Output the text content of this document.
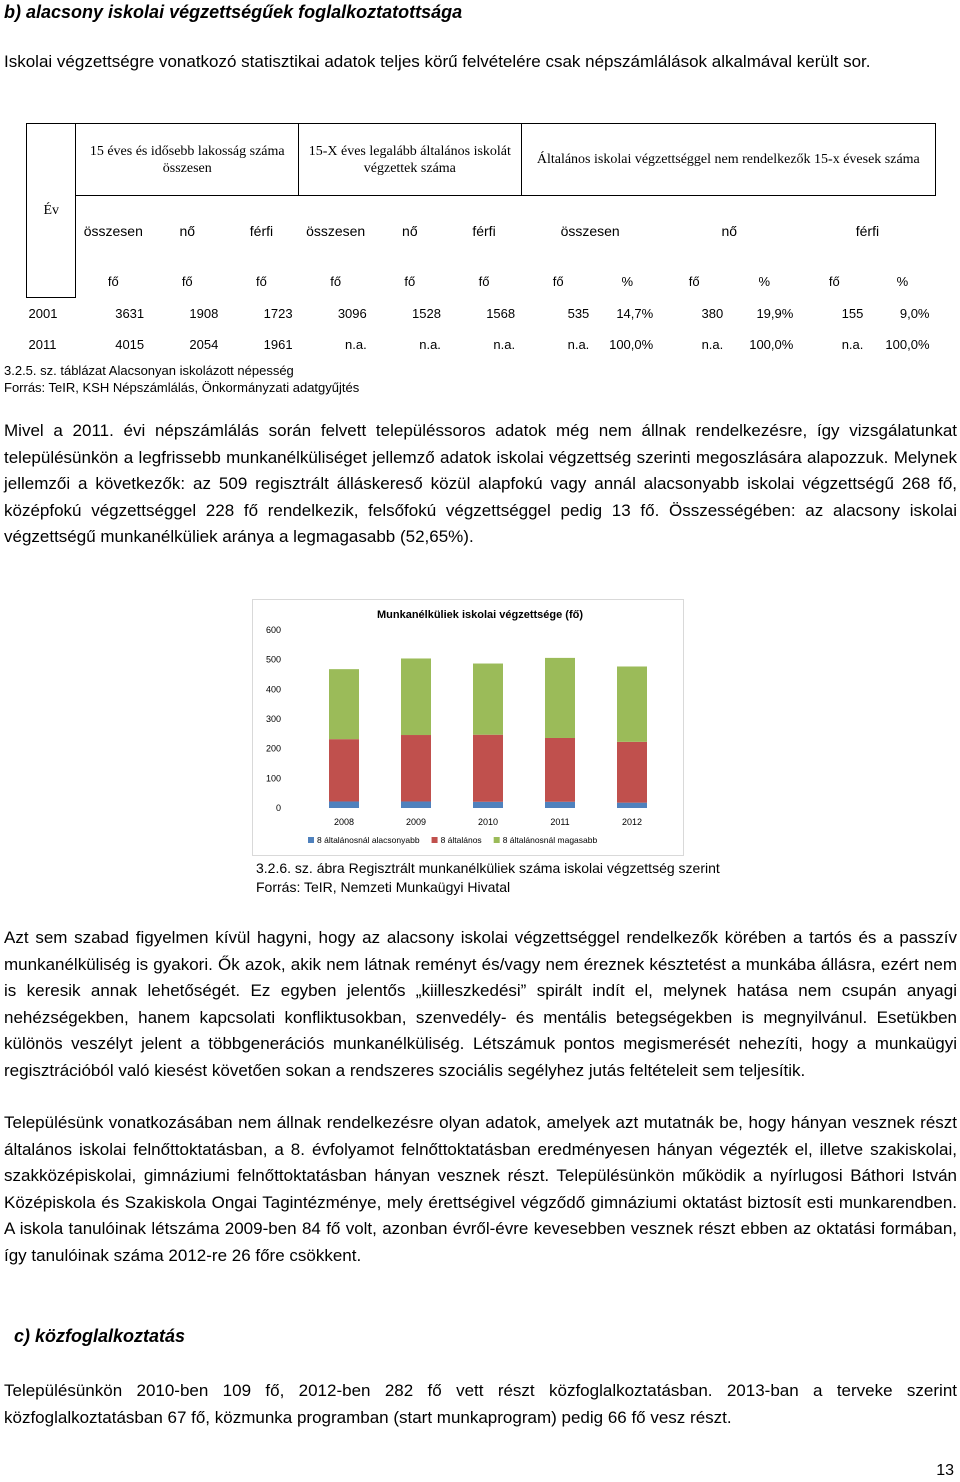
b) alacsony iskolai végzettségűek foglalkoztatottsága
Iskolai végzettségre vonatkozó statisztikai adatok teljes körű felvételére csak népszámlálások alkalmával került sor.
Év	15 éves és idősebb lakosság száma összesen			15-X éves legalább általános iskolát végzettek száma			Általános iskolai végzettséggel nem rendelkezők 15-x évesek száma					
	összesen	nő	férfi	összesen	nő	férfi	összesen		nő		férfi	
	fő	fő	fő	fő	fő	fő	fő	%	fő	%	fő	%
2001	3631	1908	1723	3096	1528	1568	535	14,7%	380	19,9%	155	9,0%
2011	4015	2054	1961	n.a.	n.a.	n.a.	n.a.	100,0%	n.a.	100,0%	n.a.	100,0%
3.2.5. sz. táblázat Alacsonyan iskolázott népesség
Forrás: TeIR, KSH Népszámlálás, Önkormányzati adatgyűjtés
Mivel a 2011. évi népszámlálás során felvett településsoros adatok még nem állnak rendelkezésre, így vizsgálatunkat településünkön a legfrissebb munkanélküliséget jellemző adatok iskolai végzettség szerinti megoszlására alapozzuk. Melynek jellemzői a következők: az 509 regisztrált álláskereső közül alapfokú vagy annál alacsonyabb iskolai végzettségű 268 fő, középfokú végzettséggel 228 fő rendelkezik, felsőfokú végzettséggel pedig 13 fő. Összességében: az alacsony iskolai végzettségű munkanélküliek aránya a legmagasabb (52,65%).
Munkanélküliek iskolai végzettsége (fő)
0
100
200
300
400
500
600
2008	2009	2010	2011	2012
8 általánosnál alacsonyabb 8 általános 8 általánosnál magasabb
3.2.6. sz. ábra Regisztrált munkanélküliek száma iskolai végzettség szerint
Forrás: TeIR, Nemzeti Munkaügyi Hivatal
Azt sem szabad figyelmen kívül hagyni, hogy az alacsony iskolai végzettséggel rendelkezők körében a tartós és a passzív munkanélküliség is gyakori. Ők azok, akik nem látnak reményt és/vagy nem éreznek késztetést a munkába állásra, ezért nem is keresik annak lehetőségét. Ez egyben jelentős „kiilleszkedési” spirált indít el, melynek hatása nem csupán anyagi nehézségekben, hanem kapcsolati konfliktusokban, szenvedély- és mentális betegségekben is megnyilvánul. Esetükben különös veszélyt jelent a többgenerációs munkanélküliség. Létszámuk pontos megismerését nehezíti, hogy a munkaügyi regisztrációból való kiesést követően sokan a rendszeres szociális segélyhez jutás feltételeit sem teljesítik.
Településünk vonatkozásában nem állnak rendelkezésre olyan adatok, amelyek azt mutatnák be, hogy hányan vesznek részt általános iskolai felnőttoktatásban, a 8. évfolyamot felnőttoktatásban eredményesen hányan végezték el, illetve szakiskolai, szakközépiskolai, gimnáziumi felnőttoktatásban hányan vesznek részt. Településünkön működik a nyírlugosi Báthori István Középiskola és Szakiskola Ongai Tagintézménye, mely érettségivel végződő gimnáziumi oktatást biztosít esti munkarendben. A iskola tanulóinak létszáma 2009-ben 84 fő volt, azonban évről-évre kevesebben vesznek részt ebben az oktatási formában, így tanulóinak száma 2012-re 26 főre csökkent.
c) közfoglalkoztatás
Településünkön 2010-ben 109 fő, 2012-ben 282 fő vett részt közfoglalkoztatásban. 2013-ban a terveke szerint közfoglalkoztatásban 67 fő, közmunka programban (start munkaprogram) pedig 66 fő vesz részt.
13
